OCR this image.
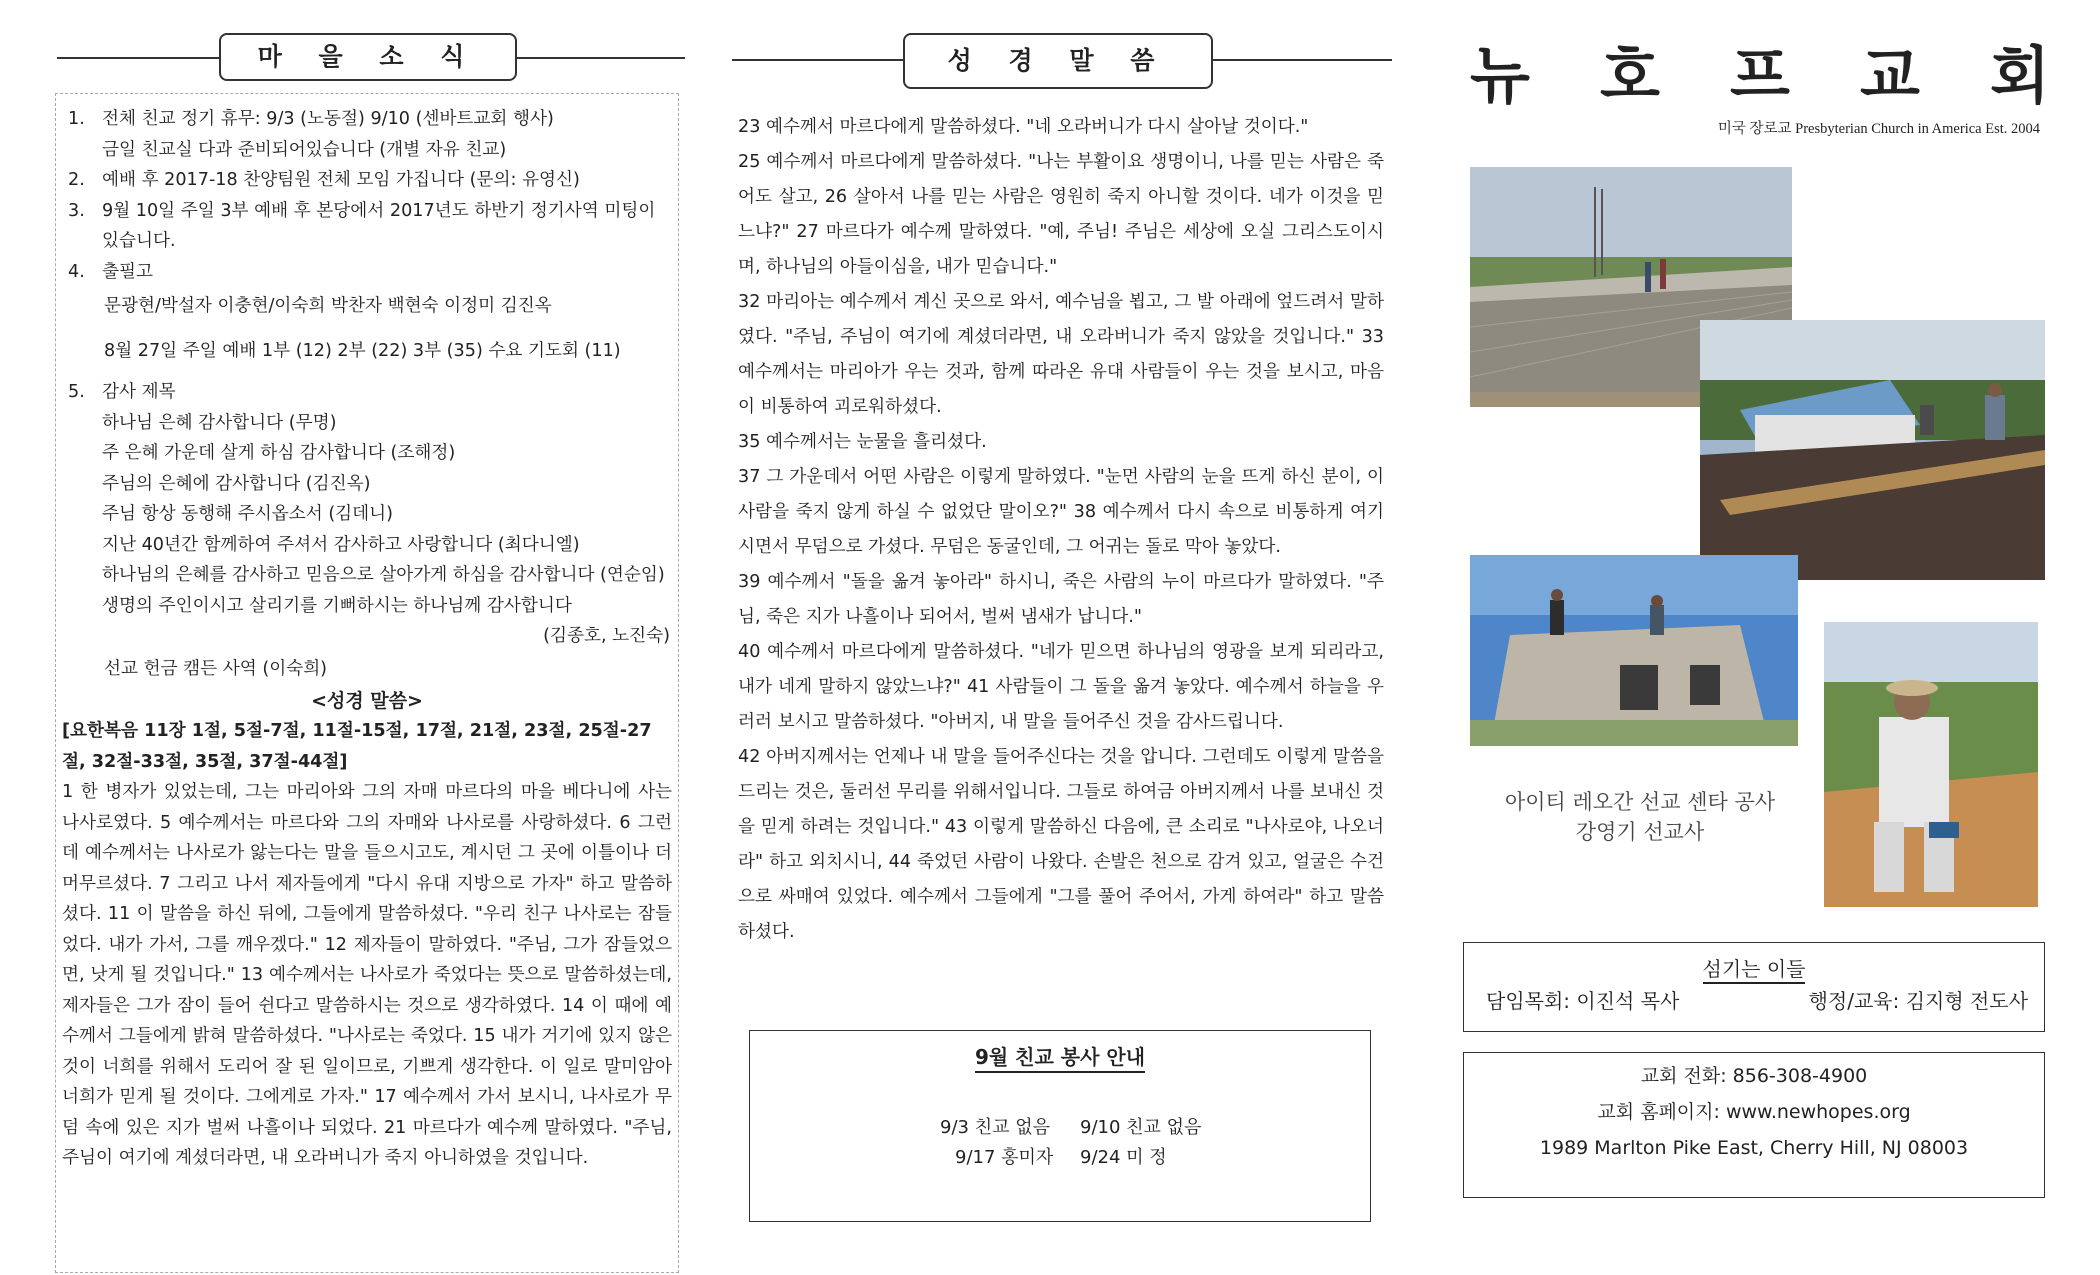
마 을 소 식
1. 전체 친교 정기 휴무: 9/3 (노동절) 9/10 (센바트교회 행사)
금일 친교실 다과 준비되어있습니다 (개별 자유 친교)
2. 예배 후 2017-18 찬양팀원 전체 모임 가집니다 (문의: 유영신)
3. 9월 10일 주일 3부 예배 후 본당에서 2017년도 하반기 정기사역 미팅이
있습니다.
4. 출필고
문광현/박설자 이충현/이숙희 박찬자 백현숙 이정미 김진옥
8월 27일 주일 예배 1부 (12) 2부 (22) 3부 (35) 수요 기도회 (11)
5. 감사 제목
하나님 은혜 감사합니다 (무명)
주 은혜 가운데 살게 하심 감사합니다 (조해정)
주님의 은혜에 감사합니다 (김진옥)
주님 항상 동행해 주시옵소서 (김데니)
지난 40년간 함께하여 주셔서 감사하고 사랑합니다 (최다니엘)
하나님의 은혜를 감사하고 믿음으로 살아가게 하심을 감사합니다 (연순임)
생명의 주인이시고 살리기를 기뻐하시는 하나님께 감사합니다
(김종호, 노진숙)
선교 헌금 캠든 사역 (이숙희)
<성경 말씀>
[요한복음 11장 1절, 5절-7절, 11절-15절, 17절, 21절, 23절, 25절-27절, 32절-33절, 35절, 37절-44절]
1 한 병자가 있었는데, 그는 마리아와 그의 자매 마르다의 마을 베다니에 사는 나사로였다. 5 예수께서는 마르다와 그의 자매와 나사로를 사랑하셨다. 6 그런데 예수께서는 나사로가 앓는다는 말을 들으시고도, 계시던 그 곳에 이틀이나 더 머무르셨다. 7 그리고 나서 제자들에게 "다시 유대 지방으로 가자" 하고 말씀하셨다. 11 이 말씀을 하신 뒤에, 그들에게 말씀하셨다. "우리 친구 나사로는 잠들었다. 내가 가서, 그를 깨우겠다." 12 제자들이 말하였다. "주님, 그가 잠들었으면, 낫게 될 것입니다." 13 예수께서는 나사로가 죽었다는 뜻으로 말씀하셨는데, 제자들은 그가 잠이 들어 쉰다고 말씀하시는 것으로 생각하였다. 14 이 때에 예수께서 그들에게 밝혀 말씀하셨다. "나사로는 죽었다. 15 내가 거기에 있지 않은 것이 너희를 위해서 도리어 잘 된 일이므로, 기쁘게 생각한다. 이 일로 말미암아 너희가 믿게 될 것이다. 그에게로 가자." 17 예수께서 가서 보시니, 나사로가 무덤 속에 있은 지가 벌써 나흘이나 되었다. 21 마르다가 예수께 말하였다. "주님, 주님이 여기에 계셨더라면, 내 오라버니가 죽지 아니하였을 것입니다.
성 경 말 씀

23 예수께서 마르다에게 말씀하셨다. "네 오라버니가 다시 살아날 것이다."

25 예수께서 마르다에게 말씀하셨다. "나는 부활이요 생명이니, 나를 믿는 사람은 죽어도 살고, 26 살아서 나를 믿는 사람은 영원히 죽지 아니할 것이다. 네가 이것을 믿느냐?" 27 마르다가 예수께 말하였다. "예, 주님! 주님은 세상에 오실 그리스도이시며, 하나님의 아들이심을, 내가 믿습니다."

32 마리아는 예수께서 계신 곳으로 와서, 예수님을 뵙고, 그 발 아래에 엎드려서 말하였다. "주님, 주님이 여기에 계셨더라면, 내 오라버니가 죽지 않았을 것입니다." 33 예수께서는 마리아가 우는 것과, 함께 따라온 유대 사람들이 우는 것을 보시고, 마음이 비통하여 괴로워하셨다.

35 예수께서는 눈물을 흘리셨다.

37 그 가운데서 어떤 사람은 이렇게 말하였다. "눈먼 사람의 눈을 뜨게 하신 분이, 이 사람을 죽지 않게 하실 수 없었단 말이오?" 38 예수께서 다시 속으로 비통하게 여기시면서 무덤으로 가셨다. 무덤은 동굴인데, 그 어귀는 돌로 막아 놓았다.

39 예수께서 "돌을 옮겨 놓아라" 하시니, 죽은 사람의 누이 마르다가 말하였다. "주님, 죽은 지가 나흘이나 되어서, 벌써 냄새가 납니다."

40 예수께서 마르다에게 말씀하셨다. "네가 믿으면 하나님의 영광을 보게 되리라고, 내가 네게 말하지 않았느냐?" 41 사람들이 그 돌을 옮겨 놓았다. 예수께서 하늘을 우러러 보시고 말씀하셨다. "아버지, 내 말을 들어주신 것을 감사드립니다.

42 아버지께서는 언제나 내 말을 들어주신다는 것을 압니다. 그런데도 이렇게 말씀을 드리는 것은, 둘러선 무리를 위해서입니다. 그들로 하여금 아버지께서 나를 보내신 것을 믿게 하려는 것입니다." 43 이렇게 말씀하신 다음에, 큰 소리로 "나사로야, 나오너라" 하고 외치시니, 44 죽었던 사람이 나왔다. 손발은 천으로 감겨 있고, 얼굴은 수건으로 싸매여 있었다. 예수께서 그들에게 "그를 풀어 주어서, 가게 하여라" 하고 말씀하셨다.

9월 친교 봉사 안내
9/3 친교 없음 9/10 친교 없음
9/17 홍미자 9/24 미 정
뉴 호 프 교 회
미국 장로교 Presbyterian Church in America Est. 2004
아이티 레오간 선교 센타 공사
강영기 선교사
섬기는 이들
담임목회: 이진석 목사	행정/교육: 김지형 전도사
교회 전화: 856-308-4900
교회 홈페이지: www.newhopes.org
1989 Marlton Pike East, Cherry Hill, NJ 08003
